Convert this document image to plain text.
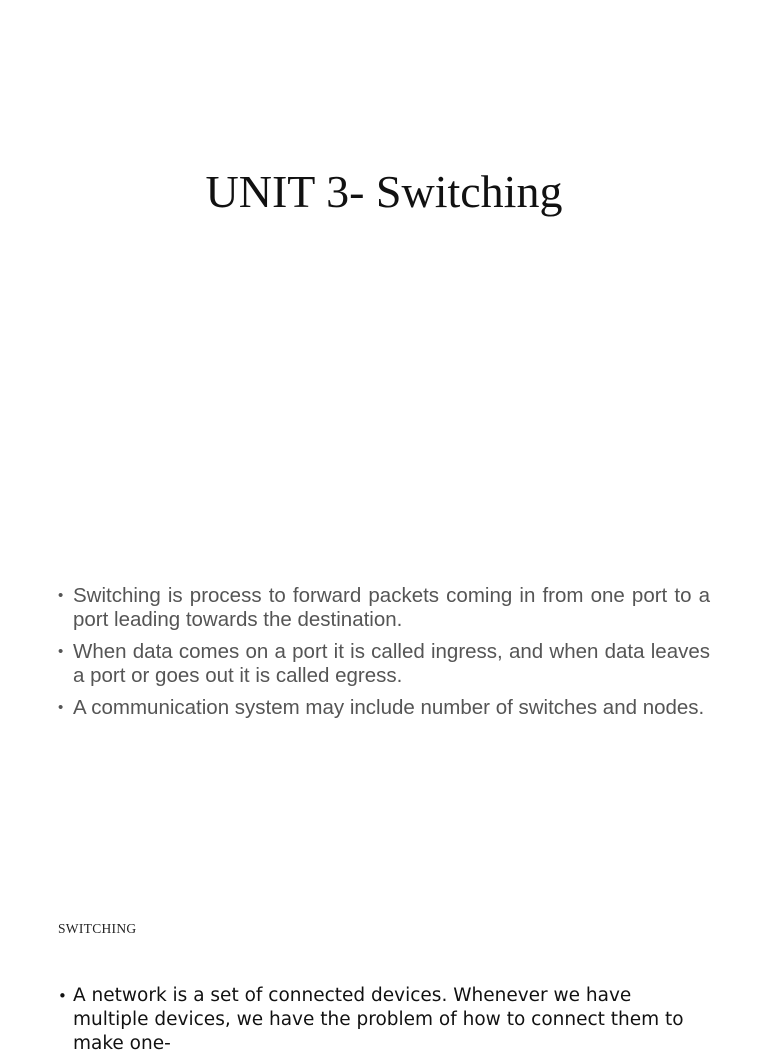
UNIT 3- Switching
• Switching is process to forward packets coming in from one port to a port leading towards the destination.
• When data comes on a port it is called ingress, and when data leaves a port or goes out it is called egress.
• A communication system may include number of switches and nodes.
SWITCHING
• A network is a set of connected devices. Whenever we have multiple devices, we have the problem of how to connect them to make one-
